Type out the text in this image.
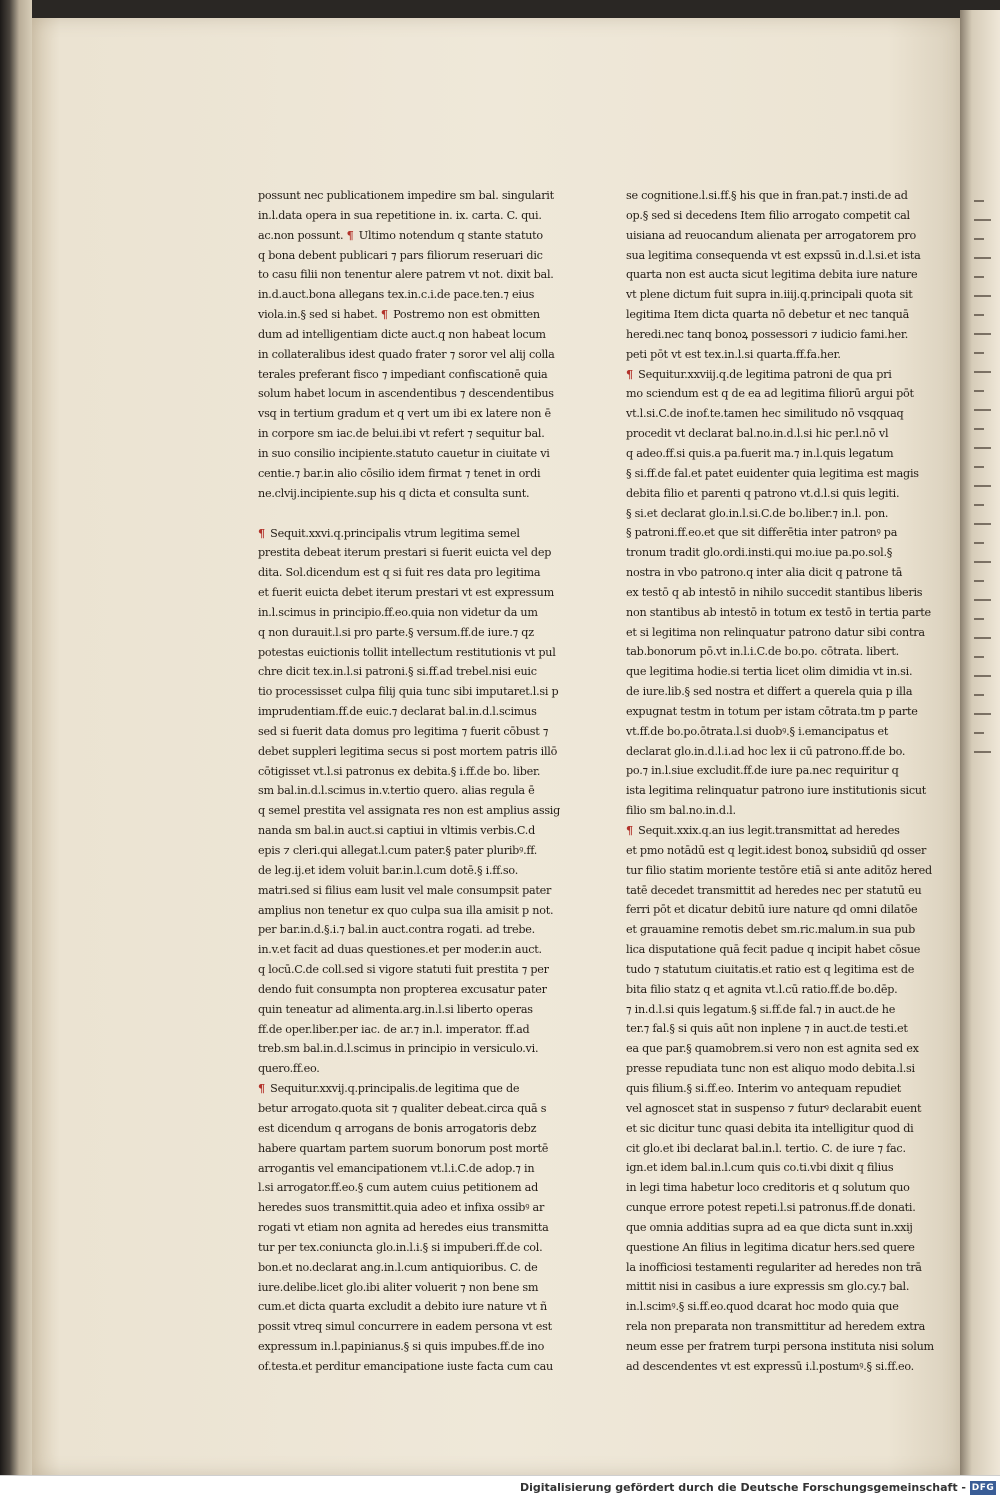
possunt nec publicationem impedire sm bal. singularit
in.l.data opera in sua repetitione in. ix. carta. C. qui.
ac.non possunt. ¶ Ultimo notendum q stante statuto
q bona debent publicari ⁊ pars filiorum reseruari dic
to casu filii non tenentur alere patrem vt not. dixit bal.
in.d.auct.bona allegans tex.in.c.i.de pace.ten.⁊ eius
viola.in.§ sed si habet. ¶ Postremo non est obmitten
dum ad intelligentiam dicte auct.q non habeat locum
in collateralibus idest quado frater ⁊ soror vel alij colla
terales preferant fisco ⁊ impediant confiscationē quia
solum habet locum in ascendentibus ⁊ descendentibus
vsq in tertium gradum et q vert um ibi ex latere non ē
in corpore sm iac.de belui.ibi vt refert ⁊ sequitur bal.
in suo consilio incipiente.statuto cauetur in ciuitate vi
centie.⁊ bar.in alio cōsilio idem firmat ⁊ tenet in ordi
ne.clvij.incipiente.sup his q dicta et consulta sunt.
¶ Sequit.xxvi.q.principalis vtrum legitima semel
prestita debeat iterum prestari si fuerit euicta vel dep
dita. Sol.dicendum est q si fuit res data pro legitima
et fuerit euicta debet iterum prestari vt est expressum
in.l.scimus in principio.ff.eo.quia non videtur da um
q non durauit.l.si pro parte.§ versum.ff.de iure.⁊ qz
potestas euictionis tollit intellectum restitutionis vt pul
chre dicit tex.in.l.si patroni.§ si.ff.ad trebel.nisi euic
tio processisset culpa filij quia tunc sibi imputaret.l.si p
imprudentiam.ff.de euic.⁊ declarat bal.in.d.l.scimus
sed si fuerit data domus pro legitima ⁊ fuerit cōbust ⁊
debet suppleri legitima secus si post mortem patris illō
cōtigisset vt.l.si patronus ex debita.§ i.ff.de bo. liber.
sm bal.in.d.l.scimus in.v.tertio quero. alias regula ē
q semel prestita vel assignata res non est amplius assig
nanda sm bal.in auct.si captiui in vltimis verbis.C.d
epis ⁊ cleri.qui allegat.l.cum pater.§ pater pluribꝰ.ff.
de leg.ij.et idem voluit bar.in.l.cum dotē.§ i.ff.so.
matri.sed si filius eam lusit vel male consumpsit pater
amplius non tenetur ex quo culpa sua illa amisit p not.
per bar.in.d.§.i.⁊ bal.in auct.contra rogati. ad trebe.
in.v.et facit ad duas questiones.et per moder.in auct.
q locū.C.de coll.sed si vigore statuti fuit prestita ⁊ per
dendo fuit consumpta non propterea excusatur pater
quin teneatur ad alimenta.arg.in.l.si liberto operas
ff.de oper.liber.per iac. de ar.⁊ in.l. imperator. ff.ad
treb.sm bal.in.d.l.scimus in principio in versiculo.vi.
quero.ff.eo.
¶ Sequitur.xxvij.q.principalis.de legitima que de
betur arrogato.quota sit ⁊ qualiter debeat.circa quā s
est dicendum q arrogans de bonis arrogatoris debz
habere quartam partem suorum bonorum post mortē
arrogantis vel emancipationem vt.l.i.C.de adop.⁊ in
l.si arrogator.ff.eo.§ cum autem cuius petitionem ad
heredes suos transmittit.quia adeo et infixa ossibꝰ ar
rogati vt etiam non agnita ad heredes eius transmitta
tur per tex.coniuncta glo.in.l.i.§ si impuberi.ff.de col.
bon.et no.declarat ang.in.l.cum antiquioribus. C. de
iure.delibe.licet glo.ibi aliter voluerit ⁊ non bene sm
cum.et dicta quarta excludit a debito iure nature vt ñ
possit vtreq simul concurrere in eadem persona vt est
expressum in.l.papinianus.§ si quis impubes.ff.de ino
of.testa.et perditur emancipatione iuste facta cum cau
se cognitione.l.si.ff.§ his que in fran.pat.⁊ insti.de ad
op.§ sed si decedens Item filio arrogato competit cal
uisiana ad reuocandum alienata per arrogatorem pro
sua legitima consequenda vt est expssū in.d.l.si.et ista
quarta non est aucta sicut legitima debita iure nature
vt plene dictum fuit supra in.iiij.q.principali quota sit
legitima Item dicta quarta nō debetur et nec tanquā
heredi.nec tanq bonoꝝ possessori ⁊ iudicio fami.her.
peti pōt vt est tex.in.l.si quarta.ff.fa.her.
¶ Sequitur.xxviij.q.de legitima patroni de qua pri
mo sciendum est q de ea ad legitima filiorū argui pōt
vt.l.si.C.de inof.te.tamen hec similitudo nō vsqquaq
procedit vt declarat bal.no.in.d.l.si hic per.l.nō vl
q adeo.ff.si quis.a pa.fuerit ma.⁊ in.l.quis legatum
§ si.ff.de fal.et patet euidenter quia legitima est magis
debita filio et parenti q patrono vt.d.l.si quis legiti.
§ si.et declarat glo.in.l.si.C.de bo.liber.⁊ in.l. pon.
§ patroni.ff.eo.et que sit differētia inter patronꝰ pa
tronum tradit glo.ordi.insti.qui mo.iue pa.po.sol.§
nostra in vbo patrono.q inter alia dicit q patrone tā
ex testō q ab intestō in nihilo succedit stantibus liberis
non stantibus ab intestō in totum ex testō in tertia parte
et si legitima non relinquatur patrono datur sibi contra
tab.bonorum pō.vt in.l.i.C.de bo.po. cōtrata. libert.
que legitima hodie.si tertia licet olim dimidia vt in.si.
de iure.lib.§ sed nostra et differt a querela quia p illa
expugnat testm in totum per istam cōtrata.tm p parte
vt.ff.de bo.po.ōtrata.l.si duobꝰ.§ i.emancipatus et
declarat glo.in.d.l.i.ad hoc lex ii cū patrono.ff.de bo.
po.⁊ in.l.siue excludit.ff.de iure pa.nec requiritur q
ista legitima relinquatur patrono iure institutionis sicut
filio sm bal.no.in.d.l.
¶ Sequit.xxix.q.an ius legit.transmittat ad heredes
et pmo notādū est q legit.idest bonoꝝ subsidiū qd osser
tur filio statim moriente testōre etiā si ante aditōz hered
tatē decedet transmittit ad heredes nec per statutū eu
ferri pōt et dicatur debitū iure nature qd omni dilatōe
et grauamine remotis debet sm.ric.malum.in sua pub
lica disputatione quā fecit padue q incipit habet cōsue
tudo ⁊ statutum ciuitatis.et ratio est q legitima est de
bita filio statz q et agnita vt.l.cū ratio.ff.de bo.dēp.
⁊ in.d.l.si quis legatum.§ si.ff.de fal.⁊ in auct.de he
ter.⁊ fal.§ si quis aūt non inplene ⁊ in auct.de testi.et
ea que par.§ quamobrem.si vero non est agnita sed ex
presse repudiata tunc non est aliquo modo debita.l.si
quis filium.§ si.ff.eo. Interim vo antequam repudiet
vel agnoscet stat in suspenso ⁊ futurꝰ declarabit euent
et sic dicitur tunc quasi debita ita intelligitur quod di
cit glo.et ibi declarat bal.in.l. tertio. C. de iure ⁊ fac.
ign.et idem bal.in.l.cum quis co.ti.vbi dixit q filius
in legi tima habetur loco creditoris et q solutum quo
cunque errore potest repeti.l.si patronus.ff.de donati.
que omnia additias supra ad ea que dicta sunt in.xxij
questione An filius in legitima dicatur hers.sed quere
la inofficiosi testamenti regulariter ad heredes non trā
mittit nisi in casibus a iure expressis sm glo.cy.⁊ bal.
in.l.scimꝰ.§ si.ff.eo.quod dcarat hoc modo quia que
rela non preparata non transmittitur ad heredem extra
neum esse per fratrem turpi persona instituta nisi solum
ad descendentes vt est expressū i.l.postumꝰ.§ si.ff.eo.
Digitalisierung gefördert durch die Deutsche Forschungsgemeinschaft - DFG
